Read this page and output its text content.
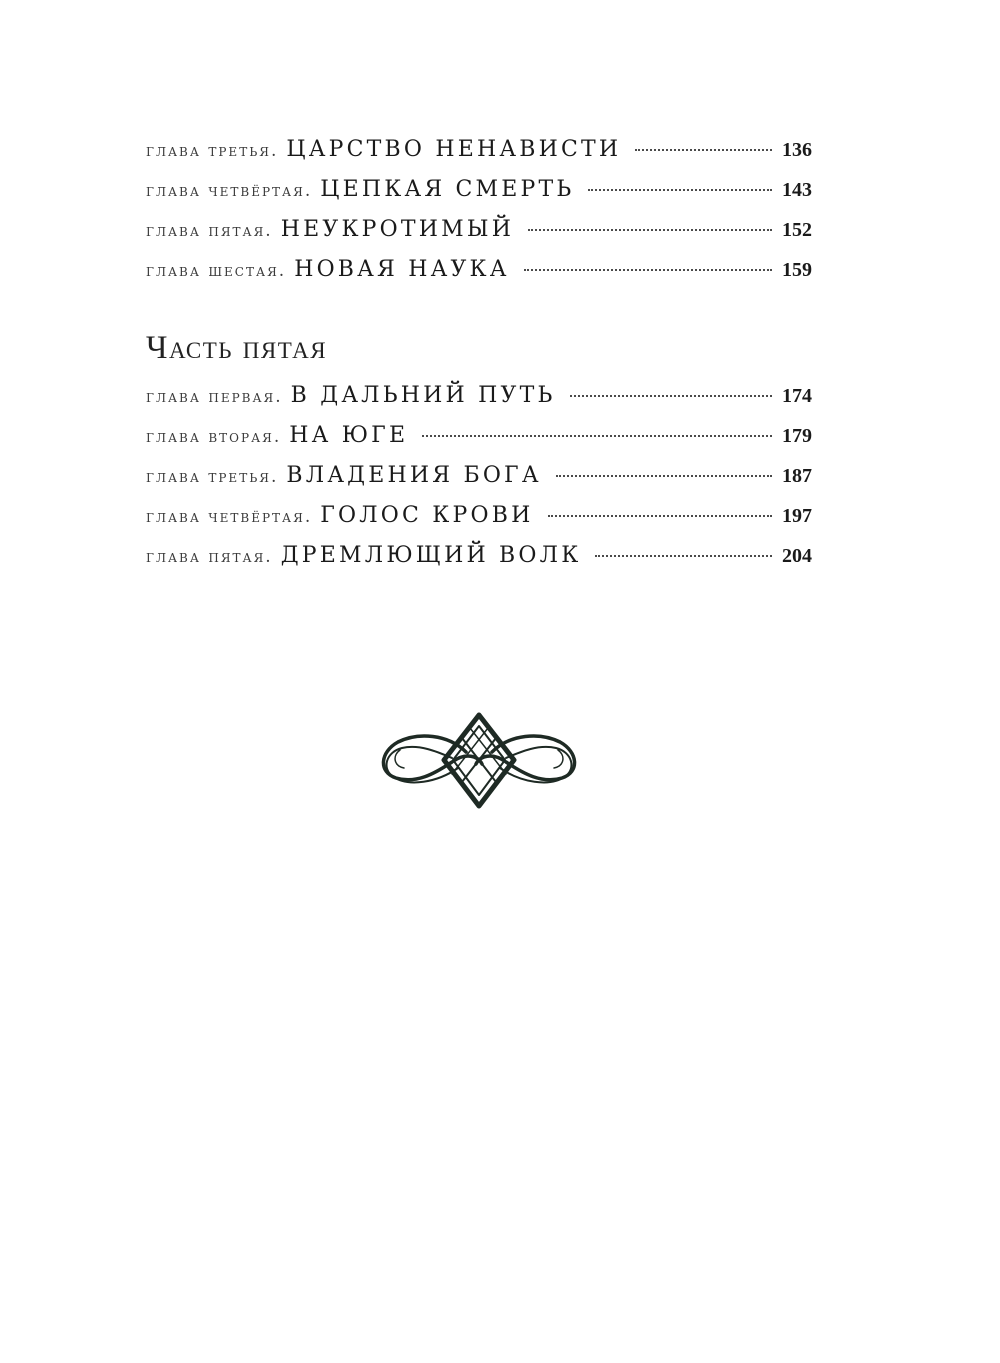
глава третья. ЦАРСТВО НЕНАВИСТИ	136
глава четвёртая. ЦЕПКАЯ СМЕРТЬ	143
глава пятая. НЕУКРОТИМЫЙ	152
глава шестая. НОВАЯ НАУКА	159
Часть пятая
глава первая. В ДАЛЬНИЙ ПУТЬ	174
глава вторая. НА ЮГЕ	179
глава третья. ВЛАДЕНИЯ БОГА	187
глава четвёртая. ГОЛОС КРОВИ	197
глава пятая. ДРЕМЛЮЩИЙ ВОЛК	204
